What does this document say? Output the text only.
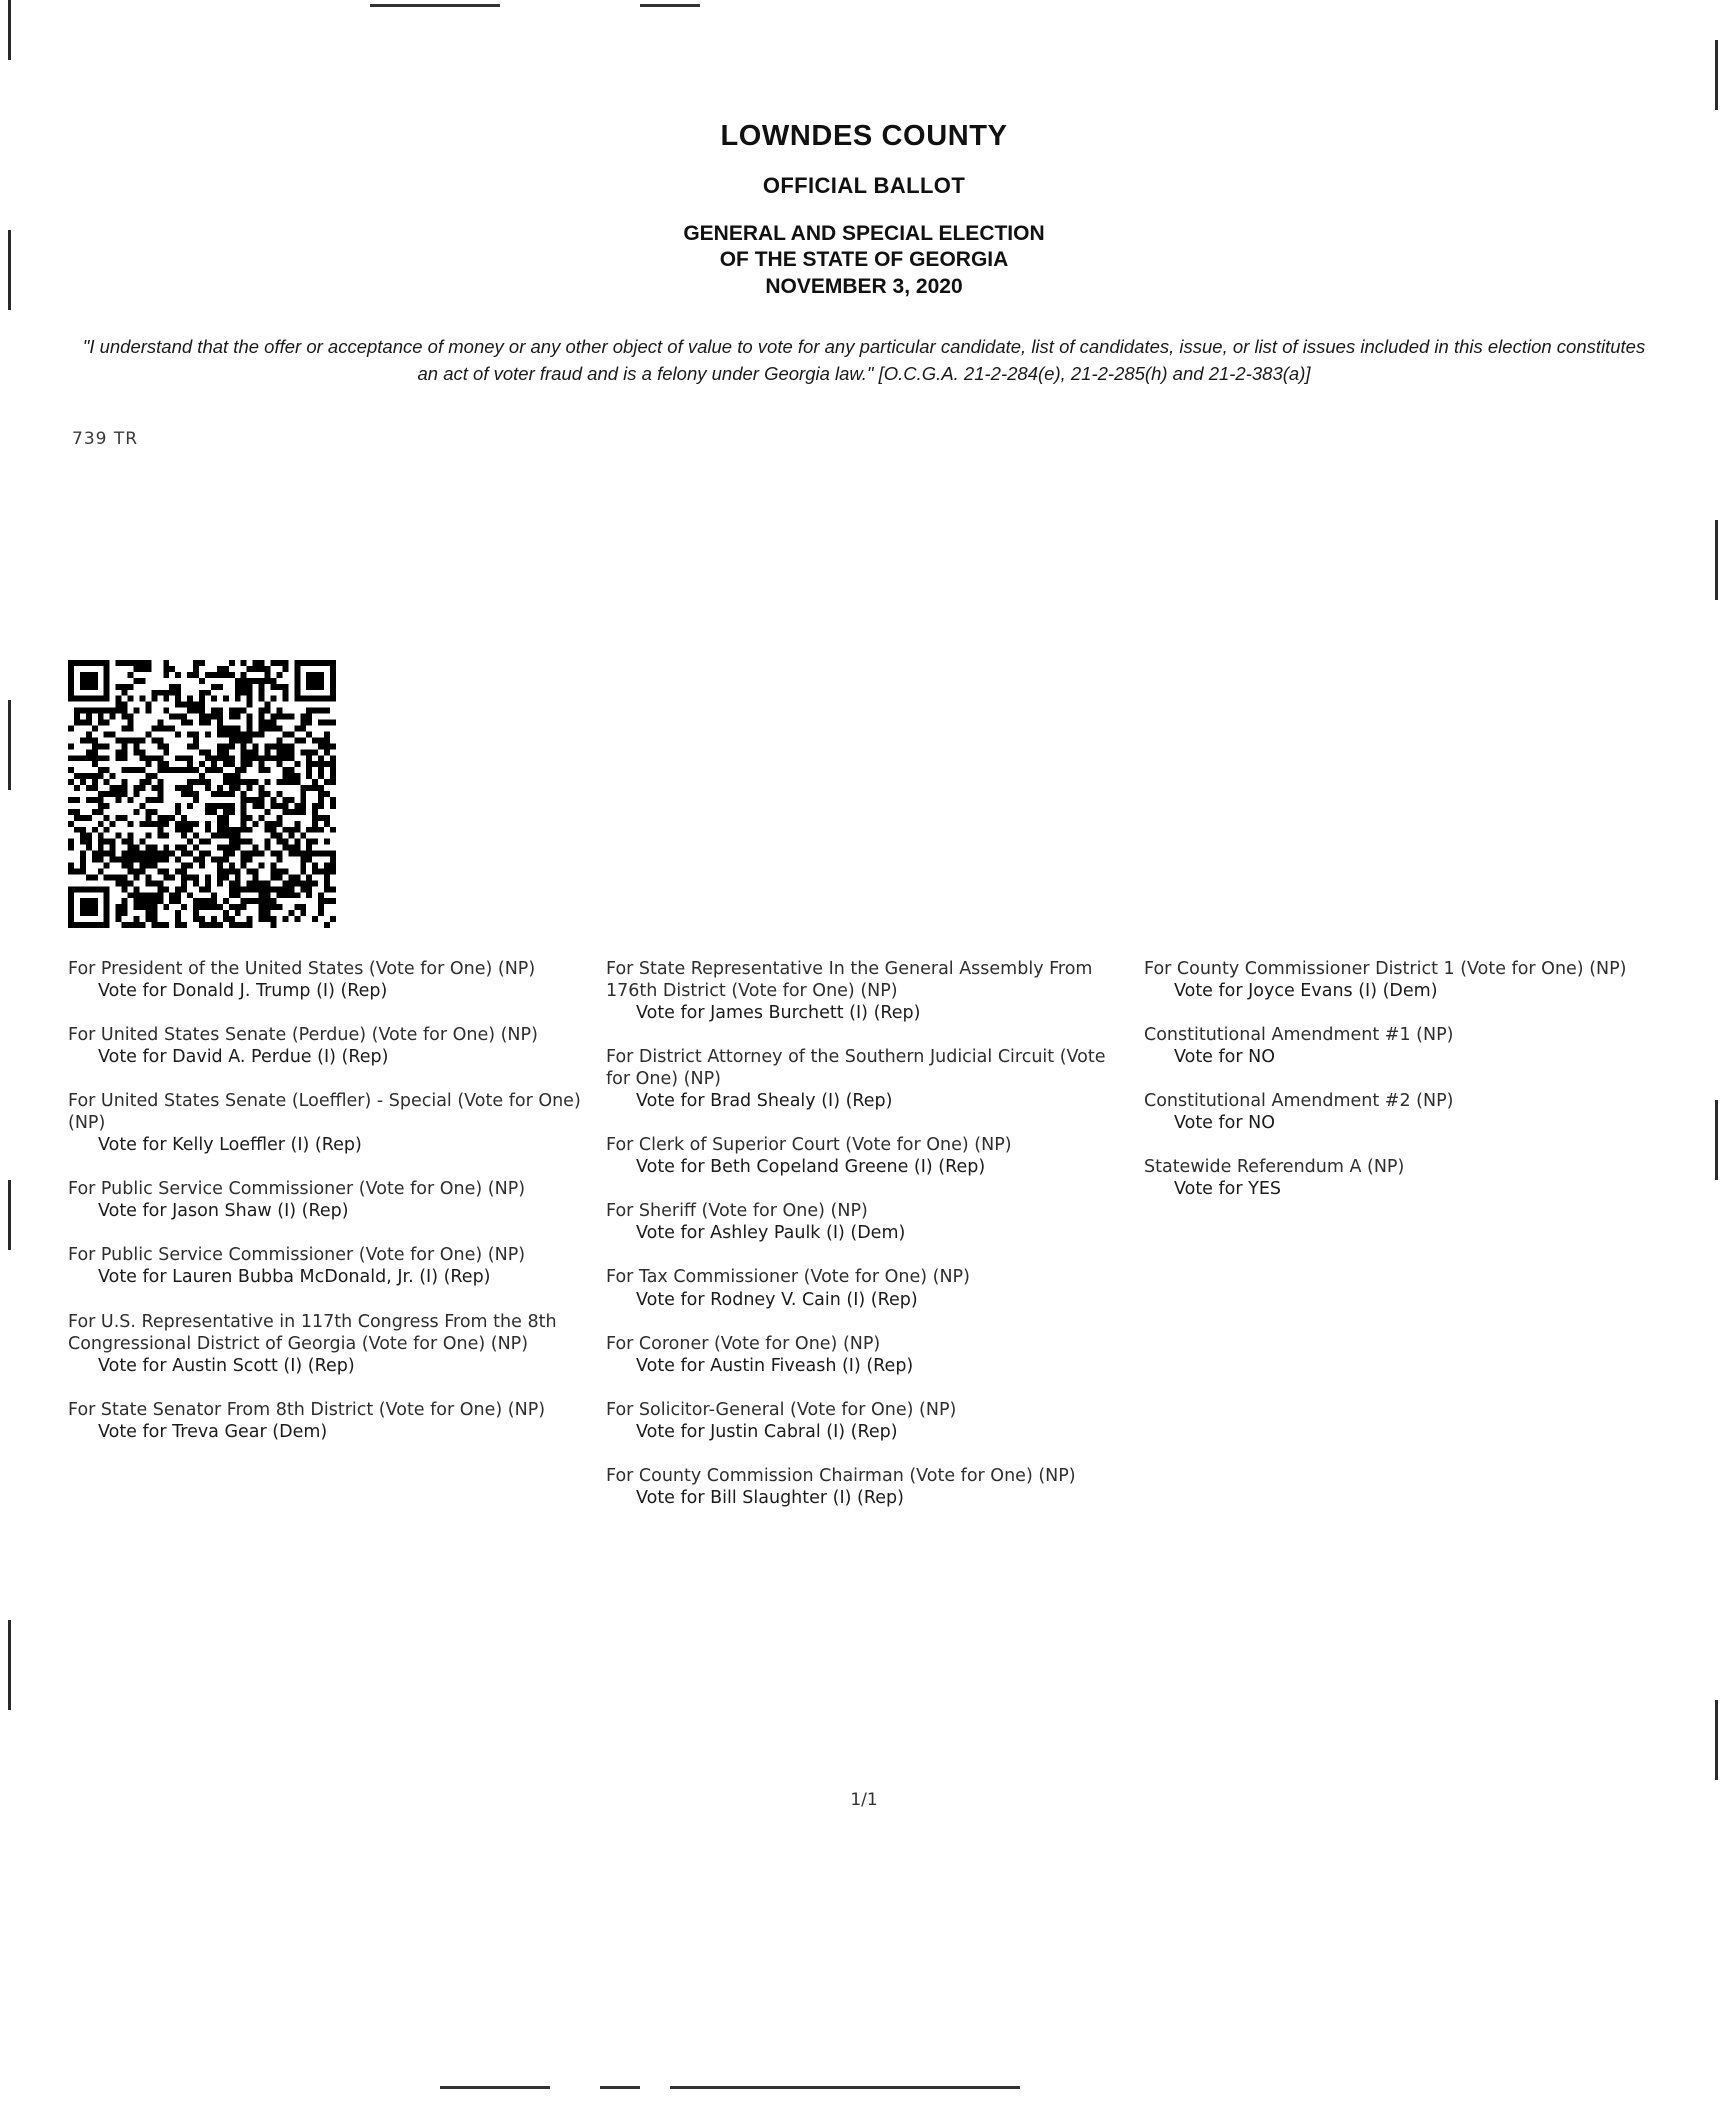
LOWNDES COUNTY
OFFICIAL BALLOT
GENERAL AND SPECIAL ELECTION
OF THE STATE OF GEORGIA
NOVEMBER 3, 2020
"I understand that the offer or acceptance of money or any other object of value to vote for any particular candidate, list of candidates, issue, or list of issues included in this election constitutes an act of voter fraud and is a felony under Georgia law." [O.C.G.A. 21-2-284(e), 21-2-285(h) and 21-2-383(a)]
739 TR
For President of the United States (Vote for One) (NP)
Vote for Donald J. Trump (I) (Rep)
For United States Senate (Perdue) (Vote for One) (NP)
Vote for David A. Perdue (I) (Rep)
For United States Senate (Loeffler) - Special (Vote for One) (NP)
Vote for Kelly Loeffler (I) (Rep)
For Public Service Commissioner (Vote for One) (NP)
Vote for Jason Shaw (I) (Rep)
For Public Service Commissioner (Vote for One) (NP)
Vote for Lauren Bubba McDonald, Jr. (I) (Rep)
For U.S. Representative in 117th Congress From the 8th Congressional District of Georgia (Vote for One) (NP)
Vote for Austin Scott (I) (Rep)
For State Senator From 8th District (Vote for One) (NP)
Vote for Treva Gear (Dem)
For State Representative In the General Assembly From 176th District (Vote for One) (NP)
Vote for James Burchett (I) (Rep)
For District Attorney of the Southern Judicial Circuit (Vote for One) (NP)
Vote for Brad Shealy (I) (Rep)
For Clerk of Superior Court (Vote for One) (NP)
Vote for Beth Copeland Greene (I) (Rep)
For Sheriff (Vote for One) (NP)
Vote for Ashley Paulk (I) (Dem)
For Tax Commissioner (Vote for One) (NP)
Vote for Rodney V. Cain (I) (Rep)
For Coroner (Vote for One) (NP)
Vote for Austin Fiveash (I) (Rep)
For Solicitor-General (Vote for One) (NP)
Vote for Justin Cabral (I) (Rep)
For County Commission Chairman (Vote for One) (NP)
Vote for Bill Slaughter (I) (Rep)
For County Commissioner District 1 (Vote for One) (NP)
Vote for Joyce Evans (I) (Dem)
Constitutional Amendment #1 (NP)
Vote for NO
Constitutional Amendment #2 (NP)
Vote for NO
Statewide Referendum A (NP)
Vote for YES
1/1
